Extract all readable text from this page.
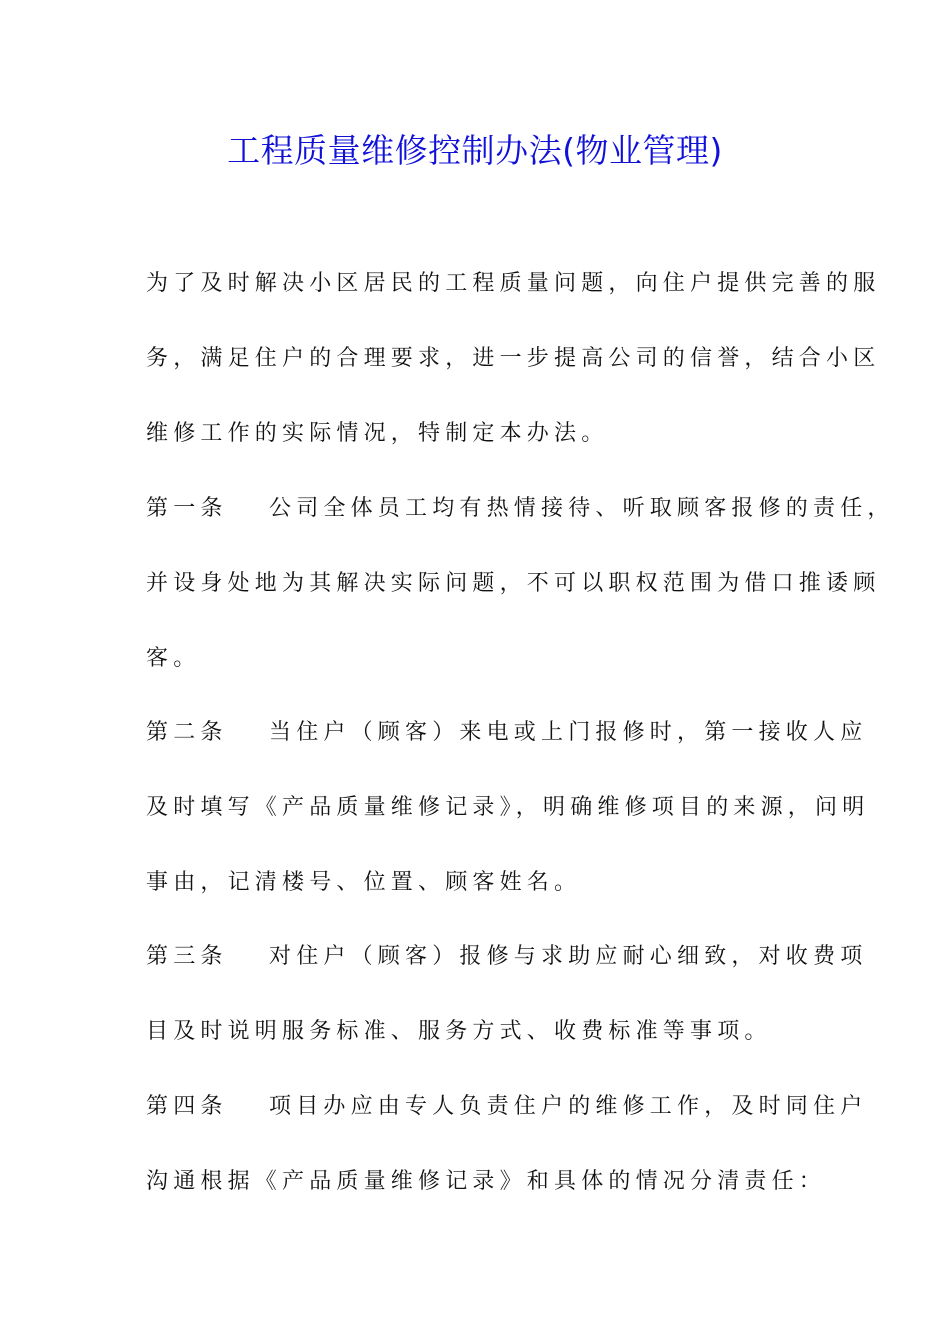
工程质量维修控制办法(物业管理)
为了及时解决小区居民的工程质量问题，向住户提供完善的服
务，满足住户的合理要求，进一步提高公司的信誉，结合小区
维修工作的实际情况，特制定本办法。
第一条 公司全体员工均有热情接待、听取顾客报修的责任，
并设身处地为其解决实际问题，不可以职权范围为借口推诿顾
客。
第二条 当住户（顾客）来电或上门报修时，第一接收人应
及时填写《产品质量维修记录》，明确维修项目的来源，问明
事由，记清楼号、位置、顾客姓名。
第三条 对住户（顾客）报修与求助应耐心细致，对收费项
目及时说明服务标准、服务方式、收费标准等事项。
第四条 项目办应由专人负责住户的维修工作，及时同住户
沟通根据《产品质量维修记录》和具体的情况分清责任：
